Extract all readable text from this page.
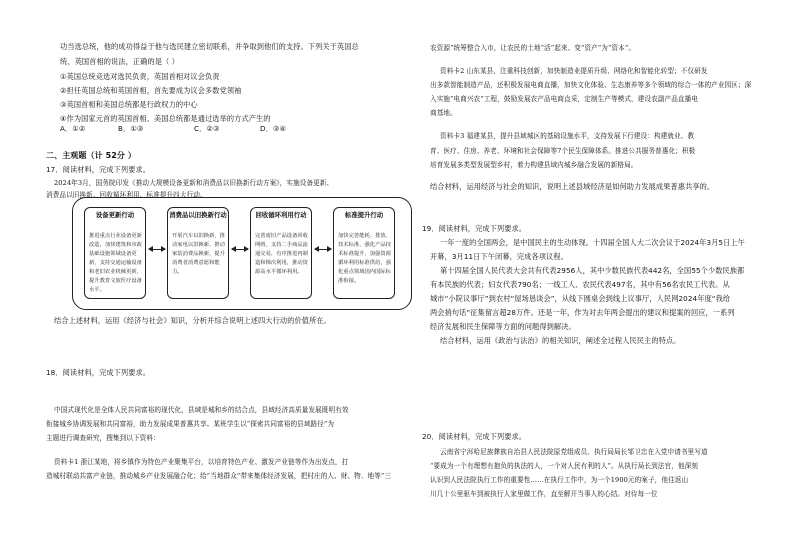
功当选总统，他的成功得益于他与选民建立密切联系，并争取到他们的支持。下列关于英国总
统、英国首相的说法，正确的是（ ）
①英国总统竞选对选民负责，英国首相对议会负责
②担任英国总统和英国首相，首先要成为议会多数党领袖
③英国首相和美国总统都是行政权力的中心
④作为国家元首的英国首相、美国总统都是通过选举的方式产生的
A．①②	B．①③	C．②③	D．③④
二、主观题（计 52分 ）
17．阅读材料，完成下列要求。
2024年3月，国务院印发《推动大规模设备更新和消费品以旧换新行动方案》，实施设备更新、
消费品以旧换新、回收循环利用、标准提升四大行动。
结合上述材料，运用《经济与社会》知识，分析并综合说明上述四大行动的价值所在。
18．阅读材料，完成下列要求。
中国式现代化是全体人民共同富裕的现代化，县域是城和乡的结合点，县域经济高质量发展既明有效
衔接城乡协调发展和共同富裕，助力发展成果普惠共享。某班学生以“探索共同富裕的县域路径”为
主题进行调查研究，搜集到以下资料：
资料卡1 浙江某地，将乡镇作为特色产业聚集平台，以培育特色产业、激发产业链等作为出发点，打
造城村联动共富产业链，推动城乡产业发展融合化；给“当地群众”带来集体经济发展，把村庄的人、财、物、地等“三
设备更新行动
推进重点行业设备更新改造，加快建筑和市政基础设施领域设备更新，支持交通运输设备和老旧农业机械更新，提升教育文旅医疗设备水平。
消费品以旧换新行动
开展汽车以旧换新，推动家电以旧换新，推动家装消费品换新，提升消费者消费意愿和能力。
回收循环利用行动
完善废旧产品设备回收网络，支持二手商品流通交易，有序推进再制造和梯次利用，推动资源高水平循环利用。
标准提升行动
加快完善能耗、排放、技术标准，强化产品技术标准提升，加强资源循环利用标准供给，强化重点领域国内国际标准衔接。
农资源”统筹整合入市，让农民的土地“活”起来、变“资产”为“资本”。
资料卡2 山东某县，注重科技创新，加快制造业提质升级、网络化和智能化转型；不仅研发
出多款智能制造产品，还积极发展电商直播，加快文化体验、生态康养等多个领域的综合一体的产业园区；深
入实施“电商兴农”工程，鼓励发展农产品电商直采，定制生产等模式，建设农副产品直播电
商基地。
资料卡3 福建某县，提升县域城区的基础设施水平，支持发展下行建设：构建就业、教
育、医疗、住房、养老、环境和社会保障等7个民生保障体系。推进公共服务普惠化；积极
培育发展多类型发展型乡村，着力构建县域内城乡融合发展的新格局。
结合材料，运用经济与社会的知识，说明上述县域经济是如何助力发展成果普惠共享的。
19．阅读材料，完成下列要求。
一年一度的全国两会，是中国民主的生动体现。十四届全国人大二次会议于2024年3月5日上午
开幕，3月11日下午闭幕，完成各项议程。
第十四届全国人民代表大会共有代表2956人，其中少数民族代表442名，全国55个少数民族都
有本民族的代表；妇女代表790名；一线工人、农民代表497名，其中有56名农民工代表。从
城市“小院议事厅”到农村“屋场恳谈会”，从线下圆桌会到线上议事厅，人民网2024年度“我给
两会捎句话”征集留言超28万件。还是一年，作为对去年两会提出的建议和提案的回应，一系列
经济发展和民生保障等方面的问题得到解决。
结合材料，运用《政治与法治》的相关知识，阐述全过程人民民主的特点。
20．阅读材料，完成下列要求。
云南省宁洱哈尼族彝族自治县人民法院原党组成员、执行局局长邹卫忠在入党申请书里写道
“要成为一个有理想有抱负的执法的人，一个对人民有利的人”。从执行局长到法官，他深刻
认识到人民法院执行工作的重要性……在执行工作中，为一个1900元的案子，他往返山
川几十公里驱车到被执行人家里做工作，直至解开当事人的心结。对待每一位
